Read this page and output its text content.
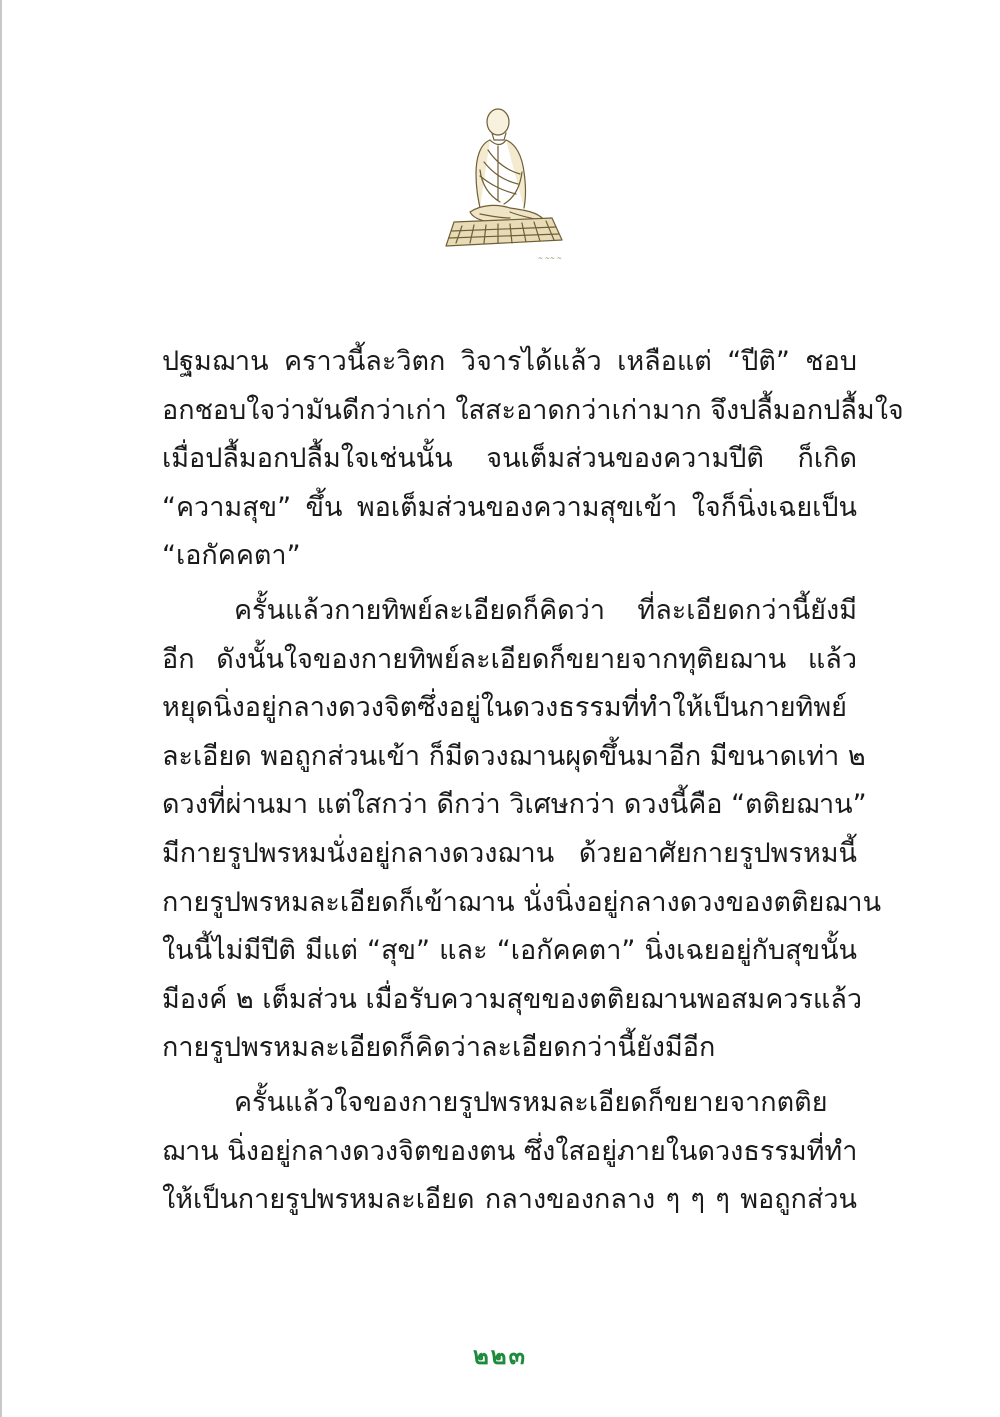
~ ~~ ~

ปฐมฌาน คราวนี้ละวิตก วิจารได้แล้ว เหลือแต่ “ปีติ” ชอบ
อกชอบใจว่ามันดีกว่าเก่า ใสสะอาดกว่าเก่ามาก จึงปลื้มอกปลื้มใจ
เมื่อปลื้มอกปลื้มใจเช่นนั้น จนเต็มส่วนของความปีติ ก็เกิด
“ความสุข” ขึ้น พอเต็มส่วนของความสุขเข้า ใจก็นิ่งเฉยเป็น
“เอกัคคตา”

ครั้นแล้วกายทิพย์ละเอียดก็คิดว่า ที่ละเอียดกว่านี้ยังมี
อีก ดังนั้นใจของกายทิพย์ละเอียดก็ขยายจากทุติยฌาน แล้ว
หยุดนิ่งอยู่กลางดวงจิตซึ่งอยู่ในดวงธรรมที่ทำให้เป็นกายทิพย์
ละเอียด พอถูกส่วนเข้า ก็มีดวงฌานผุดขึ้นมาอีก มีขนาดเท่า ๒
ดวงที่ผ่านมา แต่ใสกว่า ดีกว่า วิเศษกว่า ดวงนี้คือ “ตติยฌาน”
มีกายรูปพรหมนั่งอยู่กลางดวงฌาน ด้วยอาศัยกายรูปพรหมนี้
กายรูปพรหมละเอียดก็เข้าฌาน นั่งนิ่งอยู่กลางดวงของตติยฌาน
ในนี้ไม่มีปีติ มีแต่ “สุข” และ “เอกัคคตา” นิ่งเฉยอยู่กับสุขนั้น
มีองค์ ๒ เต็มส่วน เมื่อรับความสุขของตติยฌานพอสมควรแล้ว
กายรูปพรหมละเอียดก็คิดว่าละเอียดกว่านี้ยังมีอีก

ครั้นแล้วใจของกายรูปพรหมละเอียดก็ขยายจากตติย
ฌาน นิ่งอยู่กลางดวงจิตของตน ซึ่งใสอยู่ภายในดวงธรรมที่ทำ
ให้เป็นกายรูปพรหมละเอียด กลางของกลาง ๆ ๆ ๆ พอถูกส่วน

๒๒๓
